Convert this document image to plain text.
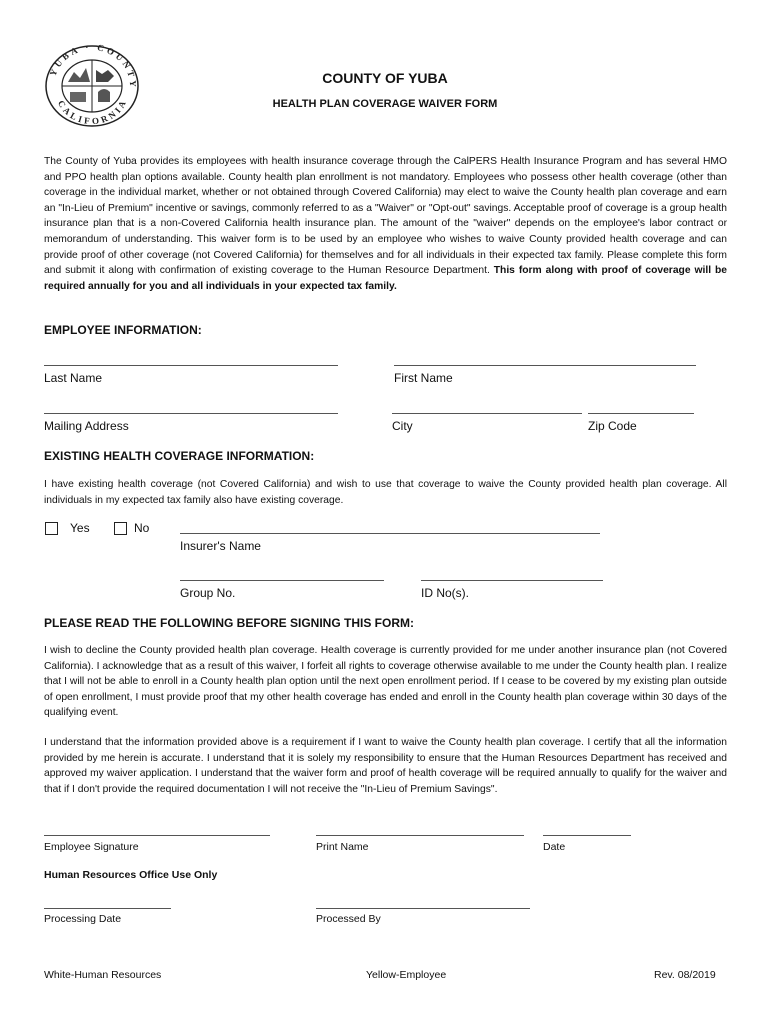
YUBA · COUNTY
CALIFORNIA
COUNTY OF YUBA
HEALTH PLAN COVERAGE WAIVER FORM

The County of Yuba provides its employees with health insurance coverage through the CalPERS Health Insurance Program and has several HMO and PPO health plan options available. County health plan enrollment is not mandatory. Employees who possess other health coverage (other than coverage in the individual market, whether or not obtained through Covered California) may elect to waive the County health plan coverage and earn an "In-Lieu of Premium" incentive or savings, commonly referred to as a "Waiver" or "Opt-out" savings. Acceptable proof of coverage is a group health insurance plan that is a non-Covered California health insurance plan. The amount of the "waiver" depends on the employee's labor contract or memorandum of understanding. This waiver form is to be used by an employee who wishes to waive County provided health coverage and can provide proof of other coverage (not Covered California) for themselves and for all individuals in their expected tax family. Please complete this form and submit it along with confirmation of existing coverage to the Human Resource Department. This form along with proof of coverage will be required annually for you and all individuals in your expected tax family.

EMPLOYEE INFORMATION:
Last Name	First Name
Mailing Address	City	Zip Code
EXISTING HEALTH COVERAGE INFORMATION:

I have existing health coverage (not Covered California) and wish to use that coverage to waive the County provided health plan coverage. All individuals in my expected tax family also have existing coverage.

Yes	No
Insurer's Name
Group No.	ID No(s).
PLEASE READ THE FOLLOWING BEFORE SIGNING THIS FORM:

I wish to decline the County provided health plan coverage. Health coverage is currently provided for me under another insurance plan (not Covered California). I acknowledge that as a result of this waiver, I forfeit all rights to coverage otherwise available to me under the County health plan. I realize that I will not be able to enroll in a County health plan option until the next open enrollment period. If I cease to be covered by my existing plan outside of open enrollment, I must provide proof that my other health coverage has ended and enroll in the County health plan coverage within 30 days of the qualifying event.

I understand that the information provided above is a requirement if I want to waive the County health plan coverage. I certify that all the information provided by me herein is accurate. I understand that it is solely my responsibility to ensure that the Human Resources Department has received and approved my waiver application. I understand that the waiver form and proof of health coverage will be required annually to qualify for the waiver and that if I don't provide the required documentation I will not receive the "In-Lieu of Premium Savings".

Employee Signature	Print Name	Date
Human Resources Office Use Only
Processing Date	Processed By
White-Human Resources	Yellow-Employee	Rev. 08/2019
